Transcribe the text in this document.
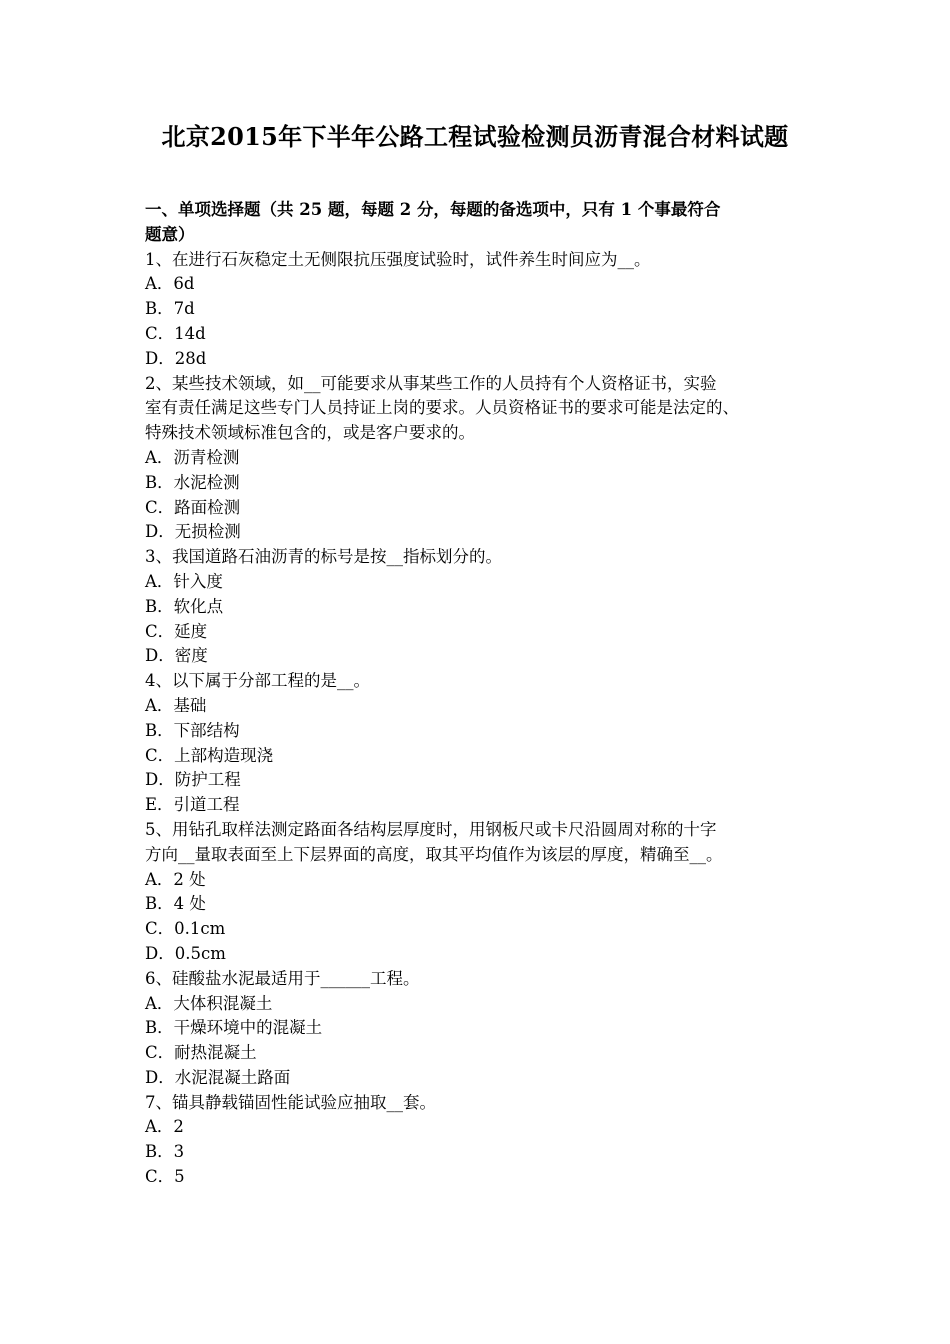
北京2015年下半年公路工程试验检测员沥青混合材料试题

一、单项选择题（共 25 题，每题 2 分，每题的备选项中，只有 1 个事最符合

题意）

1、在进行石灰稳定土无侧限抗压强度试验时，试件养生时间应为__。

A．6d

B．7d

C．14d

D．28d

2、某些技术领域，如__可能要求从事某些工作的人员持有个人资格证书，实验

室有责任满足这些专门人员持证上岗的要求。人员资格证书的要求可能是法定的、

特殊技术领域标准包含的，或是客户要求的。

A．沥青检测

B．水泥检测

C．路面检测

D．无损检测

3、我国道路石油沥青的标号是按__指标划分的。

A．针入度

B．软化点

C．延度

D．密度

4、以下属于分部工程的是__。

A．基础

B．下部结构

C．上部构造现浇

D．防护工程

E．引道工程

5、用钻孔取样法测定路面各结构层厚度时，用钢板尺或卡尺沿圆周对称的十字

方向__量取表面至上下层界面的高度，取其平均值作为该层的厚度，精确至__。

A．2 处

B．4 处

C．0.1cm

D．0.5cm

6、硅酸盐水泥最适用于______工程。

A．大体积混凝土

B．干燥环境中的混凝土

C．耐热混凝土

D．水泥混凝土路面

7、锚具静载锚固性能试验应抽取__套。

A．2

B．3

C．5
